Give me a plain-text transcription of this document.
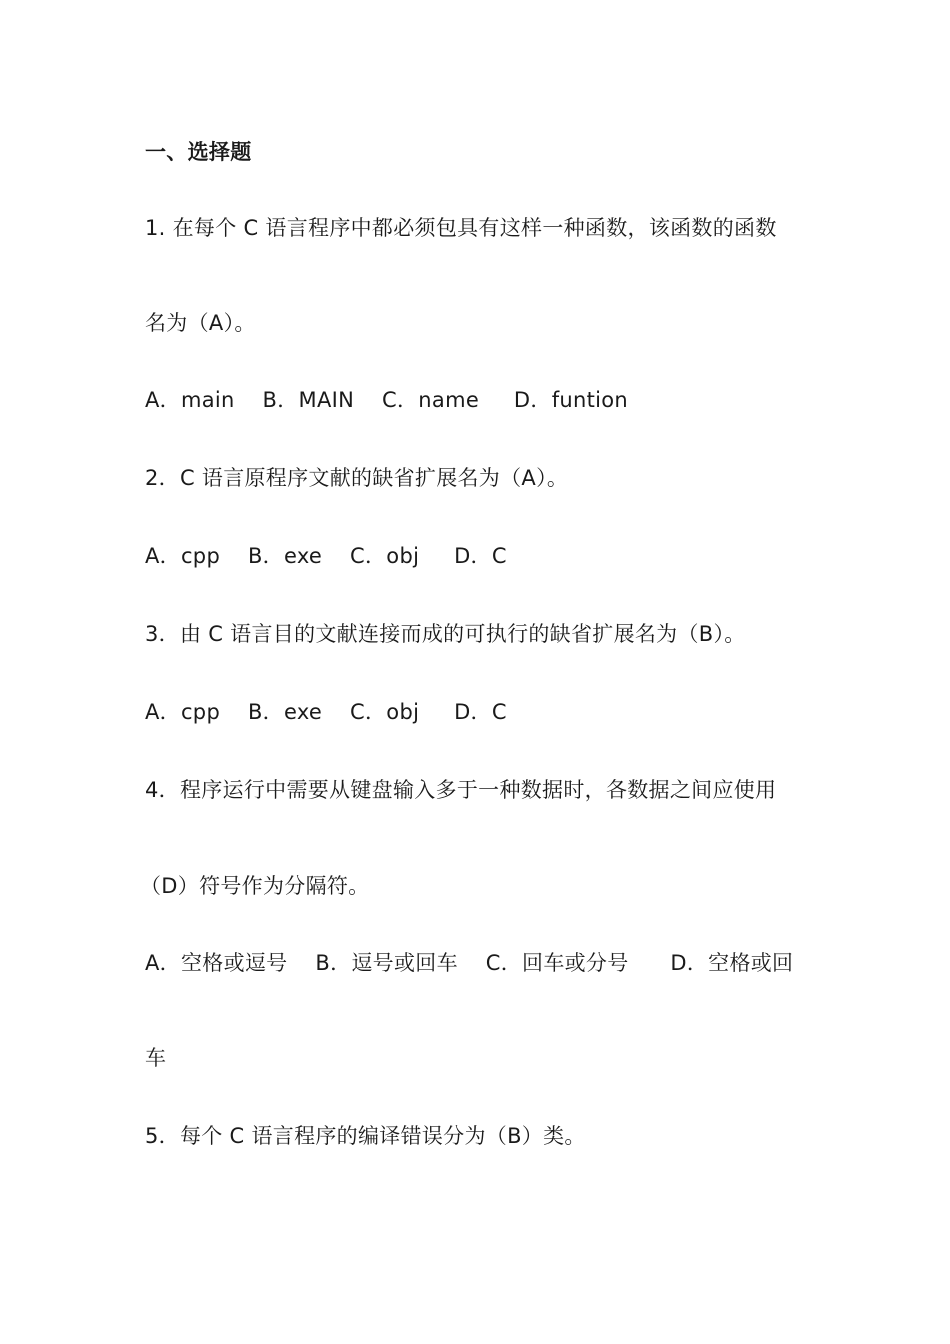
一、选择题
1. 在每个 C 语言程序中都必须包具有这样一种函数，该函数的函数
名为（A）。
A．main    B．MAIN    C．name     D．funtion
2．C 语言原程序文献的缺省扩展名为（A）。
A．cpp    B．exe    C．obj     D．C
3．由 C 语言目的文献连接而成的可执行的缺省扩展名为（B）。
A．cpp    B．exe    C．obj     D．C
4．程序运行中需要从键盘输入多于一种数据时，各数据之间应使用
（D）符号作为分隔符。
A．空格或逗号    B．逗号或回车    C．回车或分号      D．空格或回
车
5．每个 C 语言程序的编译错误分为（B）类。
